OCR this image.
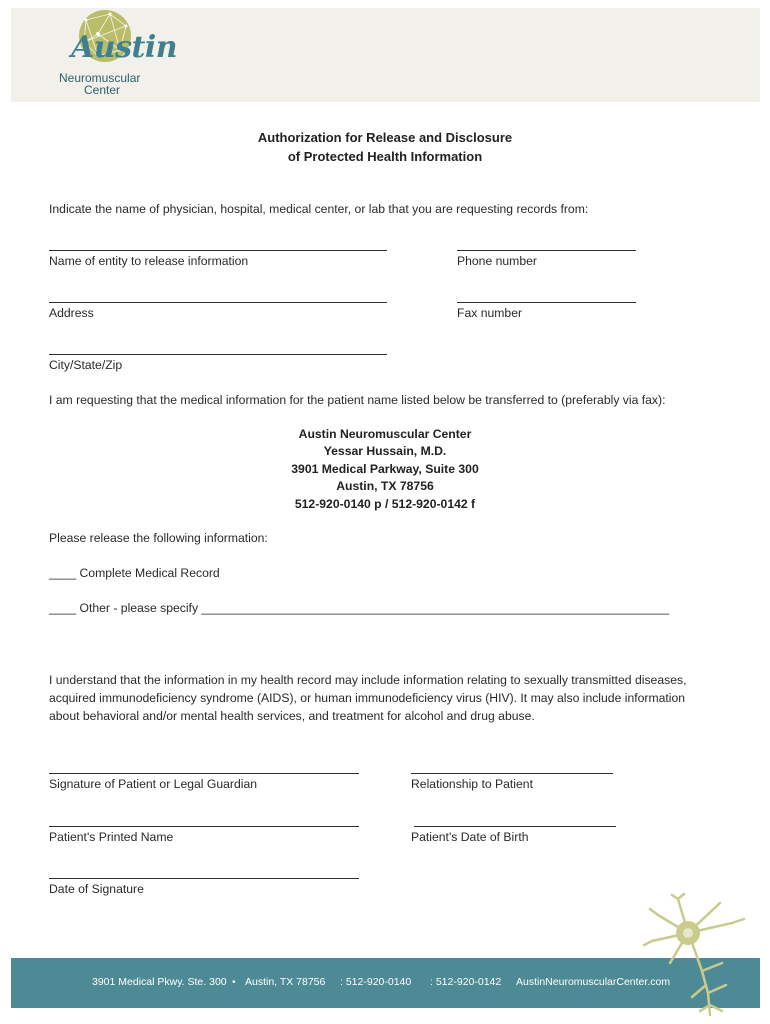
Austin
Neuromuscular
Center
Authorization for Release and Disclosure
of Protected Health Information
Indicate the name of physician, hospital, medical center, or lab that you are requesting records from:
Name of entity to release information	Phone number
Address	Fax number
City/State/Zip
I am requesting that the medical information for the patient name listed below be transferred to (preferably via fax):
Austin Neuromuscular Center
Yessar Hussain, M.D.
3901 Medical Parkway, Suite 300
Austin, TX 78756
512-920-0140 p / 512-920-0142 f
Please release the following information:
____ Complete Medical Record
____ Other - please specify _____________________________________________________________________
I understand that the information in my health record may include information relating to sexually transmitted diseases,
acquired immunodeficiency syndrome (AIDS), or human immunodeficiency virus (HIV). It may also include information
about behavioral and/or mental health services, and treatment for alcohol and drug abuse.
Signature of Patient or Legal Guardian	Relationship to Patient
Patient's Printed Name	Patient's Date of Birth
Date of Signature
3901 Medical Pkwy. Ste. 300 • Austin, TX 78756 : 512-920-0140 : 512-920-0142 AustinNeuromuscularCenter.com
